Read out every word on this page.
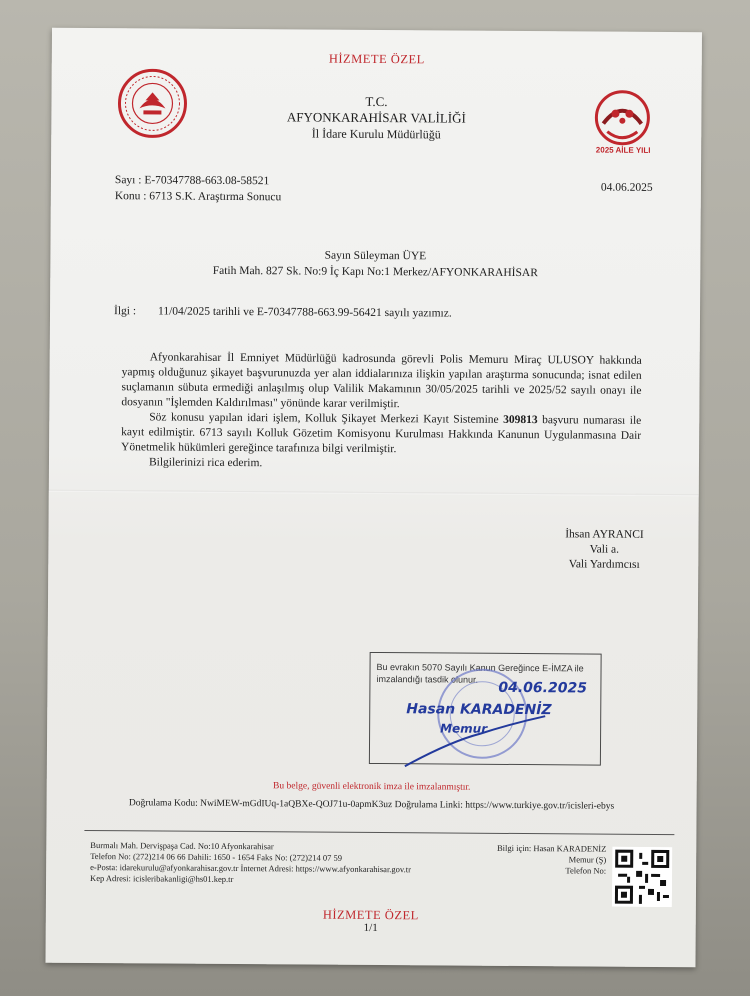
HİZMETE ÖZEL
2025 AİLE YILI
T.C.
AFYONKARAHİSAR VALİLİĞİ
İl İdare Kurulu Müdürlüğü
Sayı : E-70347788-663.08-58521
Konu : 6713 S.K. Araştırma Sonucu
04.06.2025
Sayın Süleyman ÜYE
Fatih Mah. 827 Sk. No:9 İç Kapı No:1 Merkez/AFYONKARAHİSAR
İlgi : 11/04/2025 tarihli ve E-70347788-663.99-56421 sayılı yazımız.

Afyonkarahisar İl Emniyet Müdürlüğü kadrosunda görevli Polis Memuru Miraç ULUSOY hakkında yapmış olduğunuz şikayet başvurunuzda yer alan iddialarınıza ilişkin yapılan araştırma sonucunda; isnat edilen suçlamanın sübuta ermediği anlaşılmış olup Valilik Makamının 30/05/2025 tarihli ve 2025/52 sayılı onayı ile dosyanın "İşlemden Kaldırılması" yönünde karar verilmiştir.

Söz konusu yapılan idari işlem, Kolluk Şikayet Merkezi Kayıt Sistemine 309813 başvuru numarası ile kayıt edilmiştir. 6713 sayılı Kolluk Gözetim Komisyonu Kurulması Hakkında Kanunun Uygulanmasına Dair Yönetmelik hükümleri gereğince tarafınıza bilgi verilmiştir.

Bilgilerinizi rica ederim.

İhsan AYRANCI
Vali a.
Vali Yardımcısı
Bu evrakın 5070 Sayılı Kanun Gereğince E-İMZA ile imzalandığı tasdik olunur.
04.06.2025
Hasan KARADENİZ
Memur
Bu belge, güvenli elektronik imza ile imzalanmıştır.
Doğrulama Kodu: NwiMEW-mGdIUq-1aQBXe-QOJ71u-0apmK3uz Doğrulama Linki: https://www.turkiye.gov.tr/icisleri-ebys
Burmalı Mah. Dervişpaşa Cad. No:10 Afyonkarahisar
Telefon No: (272)214 06 66 Dahili: 1650 - 1654 Faks No: (272)214 07 59
e-Posta: idarekurulu@afyonkarahisar.gov.tr İnternet Adresi: https://www.afyonkarahisar.gov.tr
Kep Adresi: icisleribakanligi@hs01.kep.tr
Bilgi için: Hasan KARADENİZ
Memur (Ş)
Telefon No:
HİZMETE ÖZEL
1/1
